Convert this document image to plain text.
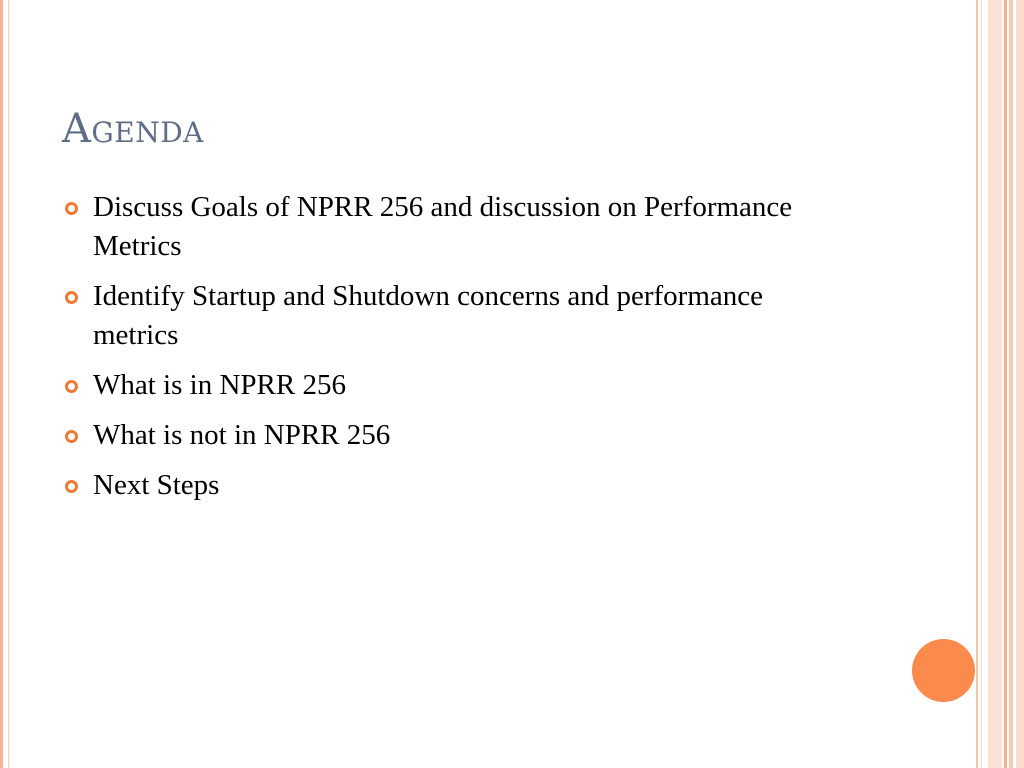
Agenda
Discuss Goals of NPRR 256 and discussion on Performance Metrics
Identify Startup and Shutdown concerns and performance metrics
What is in NPRR 256
What is not in NPRR 256
Next Steps
